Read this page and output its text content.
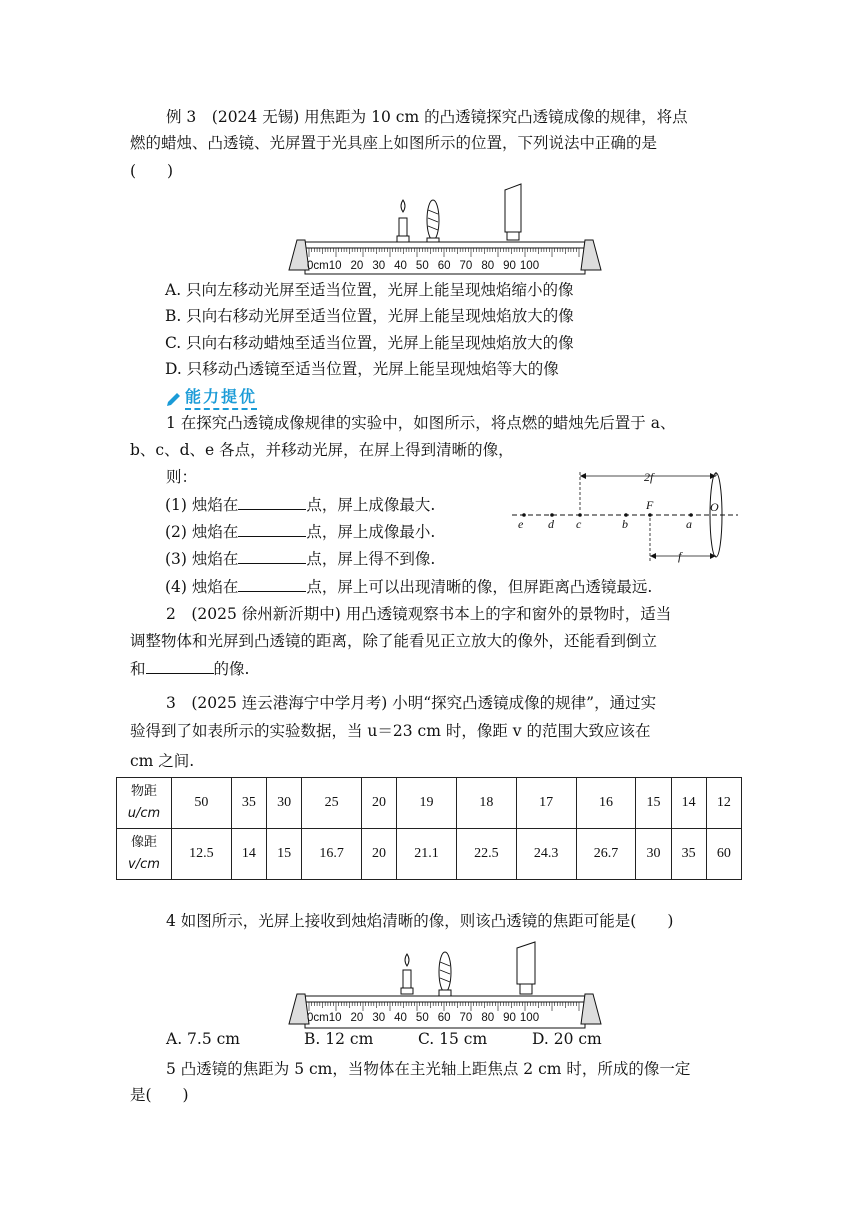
例 3　(2024 无锡) 用焦距为 10 cm 的凸透镜探究凸透镜成像的规律，将点
燃的蜡烛、凸透镜、光屏置于光具座上如图所示的位置，下列说法中正确的是
(　　)
0cm10 20 30 40 50 60 70 80 90 100
A. 只向左移动光屏至适当位置，光屏上能呈现烛焰缩小的像
B. 只向右移动光屏至适当位置，光屏上能呈现烛焰放大的像
C. 只向右移动蜡烛至适当位置，光屏上能呈现烛焰放大的像
D. 只移动凸透镜至适当位置，光屏上能呈现烛焰等大的像
能力提优
1 在探究凸透镜成像规律的实验中，如图所示，将点燃的蜡烛先后置于 a、
b、c、d、e 各点，并移动光屏，在屏上得到清晰的像，
则：
(1) 烛焰在	点，屏上成像最大.
(2) 烛焰在	点，屏上成像最小.
(3) 烛焰在	点，屏上得不到像.
(4) 烛焰在	点，屏上可以出现清晰的像，但屏距离凸透镜最远.
e d c	b	a
F	O
2f
f
2　(2025 徐州新沂期中) 用凸透镜观察书本上的字和窗外的景物时，适当
调整物体和光屏到凸透镜的距离，除了能看见正立放大的像外，还能看到倒立
和	的像.
3　(2025 连云港海宁中学月考) 小明“探究凸透镜成像的规律”，通过实
验得到了如表所示的实验数据，当 u＝23 cm 时，像距 v 的范围大致应该在
cm 之间.
物距
u/cm	50	35	30	25	20	19	18	17	16	15	14	12
像距
v/cm	12.5	14	15	16.7	20	21.1	22.5	24.3	26.7	30	35	60
4 如图所示，光屏上接收到烛焰清晰的像，则该凸透镜的焦距可能是(　　)
0cm10 20 30 40 50 60 70 80 90 100
A. 7.5 cm	B. 12 cm	C. 15 cm	D. 20 cm
5 凸透镜的焦距为 5 cm，当物体在主光轴上距焦点 2 cm 时，所成的像一定
是(　　)
